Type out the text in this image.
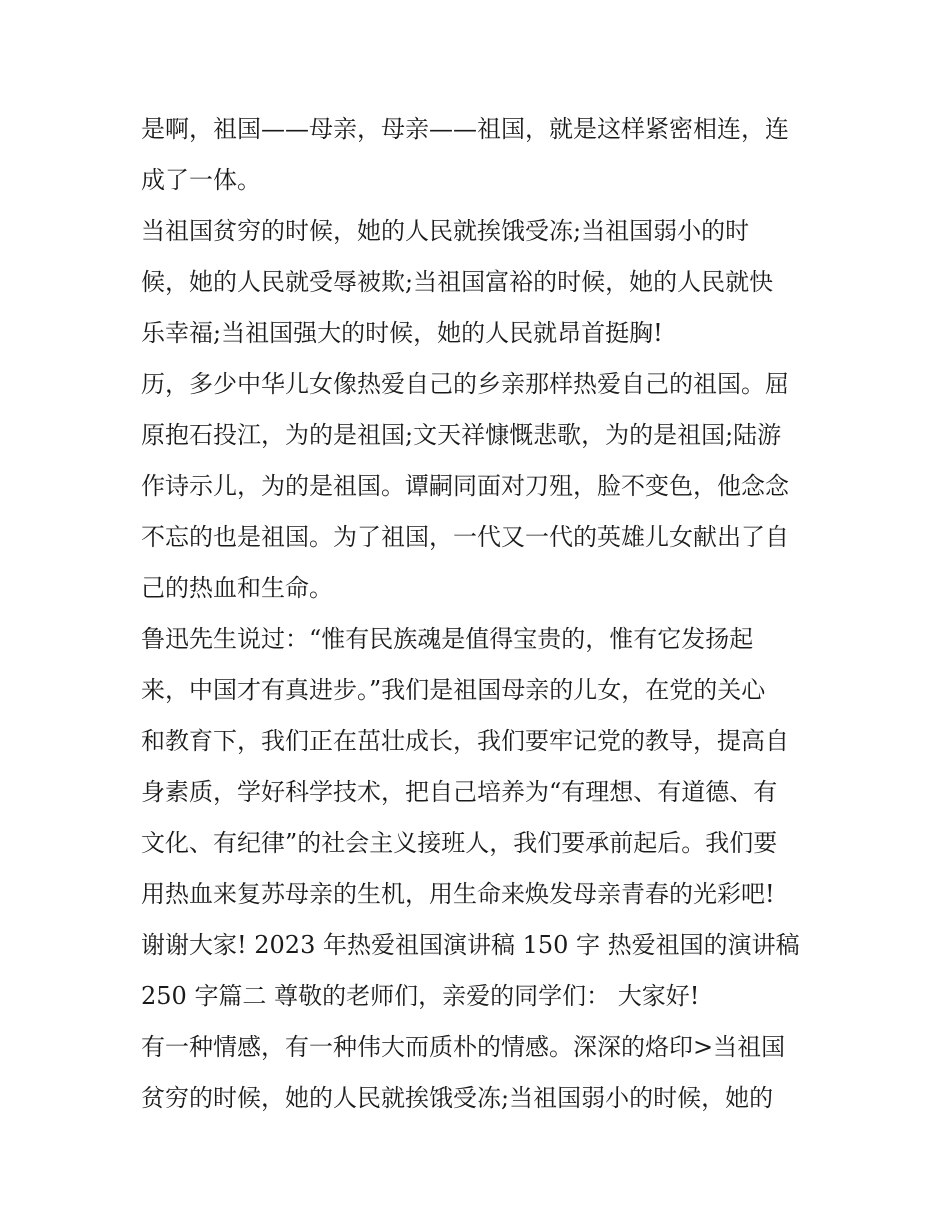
是啊，祖国——母亲，母亲——祖国，就是这样紧密相连，连
成了一体。
当祖国贫穷的时候，她的人民就挨饿受冻;当祖国弱小的时
候，她的人民就受辱被欺;当祖国富裕的时候，她的人民就快
乐幸福;当祖国强大的时候，她的人民就昂首挺胸!
历，多少中华儿女像热爱自己的乡亲那样热爱自己的祖国。屈
原抱石投江，为的是祖国;文天祥慷慨悲歌，为的是祖国;陆游
作诗示儿，为的是祖国。谭嗣同面对刀殂，脸不变色，他念念
不忘的也是祖国。为了祖国，一代又一代的英雄儿女献出了自
己的热血和生命。
鲁迅先生说过：“惟有民族魂是值得宝贵的，惟有它发扬起
来，中国才有真进步。”我们是祖国母亲的儿女，在党的关心
和教育下，我们正在茁壮成长，我们要牢记党的教导，提高自
身素质，学好科学技术，把自己培养为“有理想、有道德、有
文化、有纪律”的社会主义接班人，我们要承前起后。我们要
用热血来复苏母亲的生机，用生命来焕发母亲青春的光彩吧!
谢谢大家! 2023 年热爱祖国演讲稿 150 字 热爱祖国的演讲稿
250 字篇二 尊敬的老师们，亲爱的同学们： 大家好!
有一种情感，有一种伟大而质朴的情感。深深的烙印>当祖国
贫穷的时候，她的人民就挨饿受冻;当祖国弱小的时候，她的
